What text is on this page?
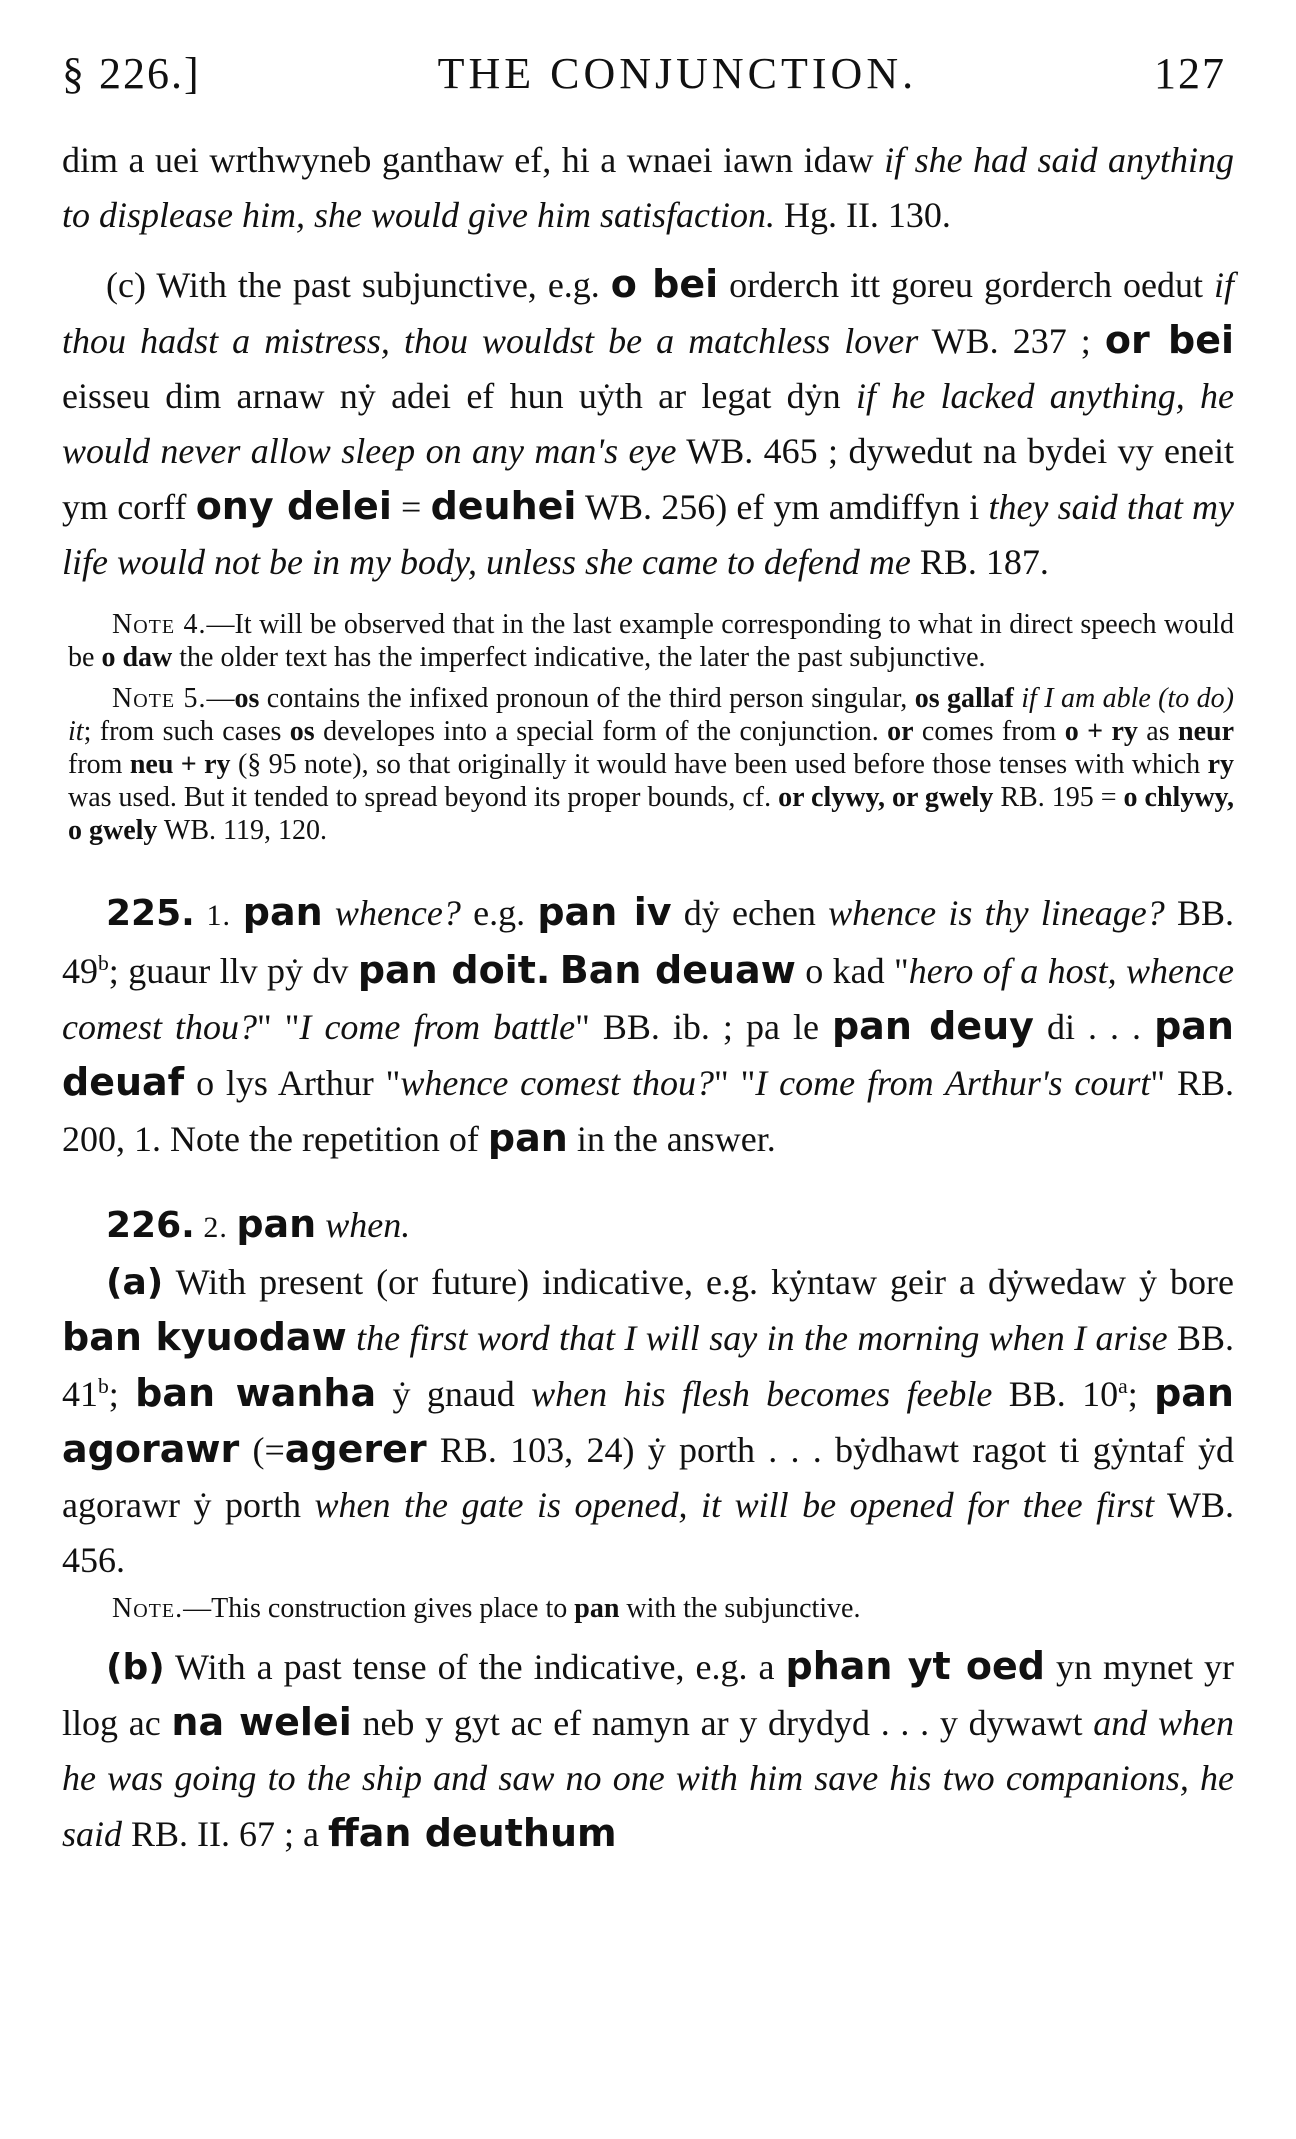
§ 226.]	THE CONJUNCTION.	127

dim a uei wrthwyneb ganthaw ef, hi a wnaei iawn idaw if she had said anything to displease him, she would give him satisfaction. Hg. II. 130.

(c) With the past subjunctive, e.g. o bei orderch itt goreu gorderch oedut if thou hadst a mistress, thou wouldst be a matchless lover WB. 237 ; or bei eisseu dim arnaw nẏ adei ef hun uẏth ar legat dẏn if he lacked anything, he would never allow sleep on any man's eye WB. 465 ; dywedut na bydei vy eneit ym corff ony delei = deuhei WB. 256) ef ym amdiffyn i they said that my life would not be in my body, unless she came to defend me RB. 187.

Note 4.—It will be observed that in the last example corresponding to what in direct speech would be o daw the older text has the imperfect indicative, the later the past subjunctive.

Note 5.—os contains the infixed pronoun of the third person singular, os gallaf if I am able (to do) it; from such cases os developes into a special form of the conjunction. or comes from o + ry as neur from neu + ry (§ 95 note), so that originally it would have been used before those tenses with which ry was used. But it tended to spread beyond its proper bounds, cf. or clywy, or gwely RB. 195 = o chlywy, o gwely WB. 119, 120.

225. 1. pan whence? e.g. pan iv dẏ echen whence is thy lineage? BB. 49$^b$; guaur llv pẏ dv pan doit. Ban deuaw o kad "hero of a host, whence comest thou?" "I come from battle" BB. ib. ; pa le pan deuy di . . . pan deuaf o lys Arthur "whence comest thou?" "I come from Arthur's court" RB. 200, 1. Note the repetition of pan in the answer.

226. 2. pan when.

(a) With present (or future) indicative, e.g. kẏntaw geir a dẏwedaw ẏ bore ban kyuodaw the first word that I will say in the morning when I arise BB. 41$^b$; ban wanha ẏ gnaud when his flesh becomes feeble BB. 10$^a$; pan agorawr (=agerer RB. 103, 24) ẏ porth . . . bẏdhawt ragot ti gẏntaf ẏd agorawr ẏ porth when the gate is opened, it will be opened for thee first WB. 456.

Note.—This construction gives place to pan with the subjunctive.

(b) With a past tense of the indicative, e.g. a phan yt oed yn mynet yr llog ac na welei neb y gyt ac ef namyn ar y drydyd . . . y dywawt and when he was going to the ship and saw no one with him save his two companions, he said RB. II. 67 ; a ffan deuthum
